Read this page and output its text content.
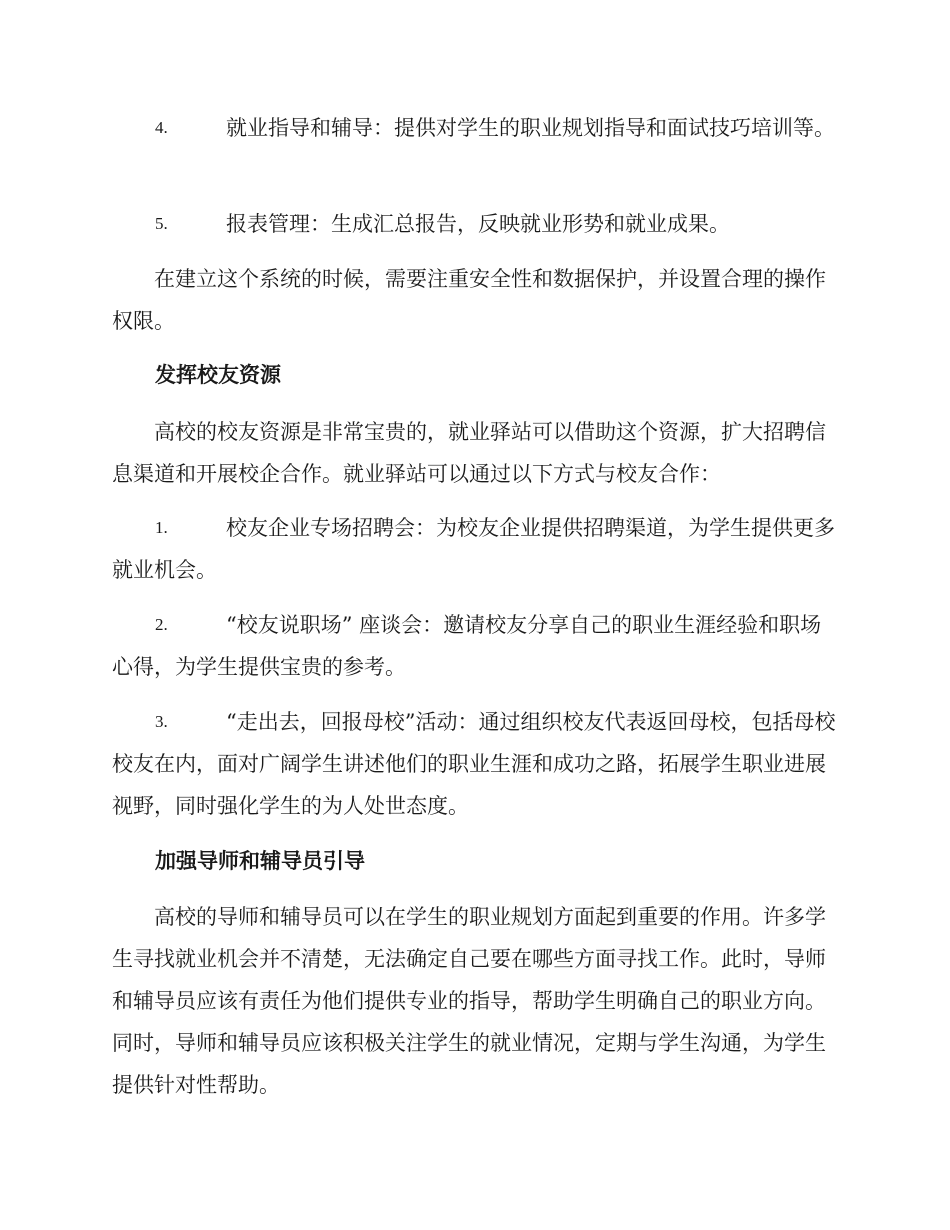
4.	就业指导和辅导：提供对学生的职业规划指导和面试技巧培训等。

5.	报表管理：生成汇总报告，反映就业形势和就业成果。

在建立这个系统的时候，需要注重安全性和数据保护，并设置合理的操作权限。

发挥校友资源

高校的校友资源是非常宝贵的，就业驿站可以借助这个资源，扩大招聘信息渠道和开展校企合作。就业驿站可以通过以下方式与校友合作：

1.	校友企业专场招聘会：为校友企业提供招聘渠道，为学生提供更多就业机会。

2.	“校友说职场” 座谈会：邀请校友分享自己的职业生涯经验和职场心得，为学生提供宝贵的参考。

3.	“走出去，回报母校”活动：通过组织校友代表返回母校，包括母校校友在内，面对广阔学生讲述他们的职业生涯和成功之路，拓展学生职业进展视野，同时强化学生的为人处世态度。

加强导师和辅导员引导

高校的导师和辅导员可以在学生的职业规划方面起到重要的作用。许多学生寻找就业机会并不清楚，无法确定自己要在哪些方面寻找工作。此时，导师和辅导员应该有责任为他们提供专业的指导，帮助学生明确自己的职业方向。同时，导师和辅导员应该积极关注学生的就业情况，定期与学生沟通，为学生提供针对性帮助。
